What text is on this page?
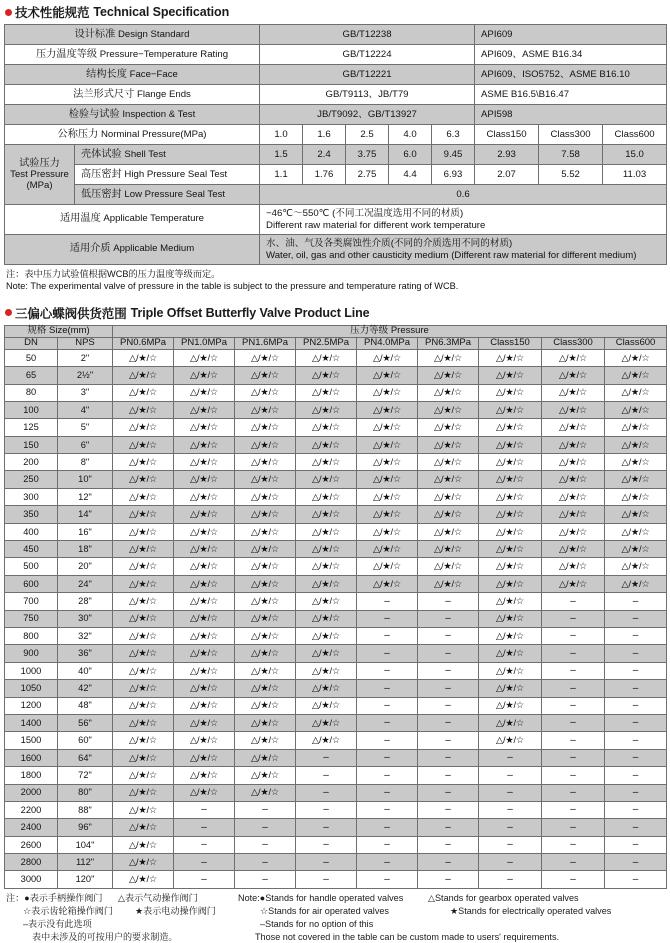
技术性能规范 Technical Specification
设计标准 Design Standard		GB/T12238					API609		
压力温度等级 Pressure−Temperature Rating		GB/T12224					API609、ASME B16.34		
结构长度 Face−Face		GB/T12221					API609、ISO5752、ASME B16.10		
法兰形式尺寸 Flange Ends		GB/T9113、JB/T79					ASME B16.5\B16.47		
检验与试验 Inspection & Test		JB/T9092、GB/T13927					API598		
公称压力 Norminal Pressure(MPa)		1.0	1.6	2.5	4.0	6.3	Class150	Class300	Class600

试验压力
Test Pressure
(MPa)	壳体试验 Shell Test	1.5	2.4	3.75	6.0	9.45	2.93	7.58	15.0
	高压密封 High Pressure Seal Test	1.1	1.76	2.75	4.4	6.93	2.07	5.52	11.03
	低压密封 Low Pressure Seal Test	0.6							
适用温度 Applicable Temperature		−46℃～550℃ (不同工况温度选用不同的材质)
Different raw material for different work temperature							

适用介质 Applicable Medium		水、油、气及各类腐蚀性介质(不同的介质选用不同的材质)
Water, oil, gas and other causticity medium (Different raw material for different medium)							
注：表中压力试验值根据WCB的压力温度等级而定。
Note: The experimental valve of pressure in the table is subject to the pressure and temperature rating of WCB.
三偏心蝶阀供货范围 Triple Offset Butterfly Valve Product Line
规格 Size(mm)		压力等级 Pressure								
DN	NPS	PN0.6MPa	PN1.0MPa	PN1.6MPa	PN2.5MPa	PN4.0MPa	PN6.3MPa	Class150	Class300	Class600
50	2"	△/★/☆	△/★/☆	△/★/☆	△/★/☆	△/★/☆	△/★/☆	△/★/☆	△/★/☆	△/★/☆
65	2½"	△/★/☆	△/★/☆	△/★/☆	△/★/☆	△/★/☆	△/★/☆	△/★/☆	△/★/☆	△/★/☆
80	3"	△/★/☆	△/★/☆	△/★/☆	△/★/☆	△/★/☆	△/★/☆	△/★/☆	△/★/☆	△/★/☆
100	4"	△/★/☆	△/★/☆	△/★/☆	△/★/☆	△/★/☆	△/★/☆	△/★/☆	△/★/☆	△/★/☆
125	5"	△/★/☆	△/★/☆	△/★/☆	△/★/☆	△/★/☆	△/★/☆	△/★/☆	△/★/☆	△/★/☆
150	6"	△/★/☆	△/★/☆	△/★/☆	△/★/☆	△/★/☆	△/★/☆	△/★/☆	△/★/☆	△/★/☆
200	8"	△/★/☆	△/★/☆	△/★/☆	△/★/☆	△/★/☆	△/★/☆	△/★/☆	△/★/☆	△/★/☆
250	10"	△/★/☆	△/★/☆	△/★/☆	△/★/☆	△/★/☆	△/★/☆	△/★/☆	△/★/☆	△/★/☆
300	12"	△/★/☆	△/★/☆	△/★/☆	△/★/☆	△/★/☆	△/★/☆	△/★/☆	△/★/☆	△/★/☆
350	14"	△/★/☆	△/★/☆	△/★/☆	△/★/☆	△/★/☆	△/★/☆	△/★/☆	△/★/☆	△/★/☆
400	16"	△/★/☆	△/★/☆	△/★/☆	△/★/☆	△/★/☆	△/★/☆	△/★/☆	△/★/☆	△/★/☆
450	18"	△/★/☆	△/★/☆	△/★/☆	△/★/☆	△/★/☆	△/★/☆	△/★/☆	△/★/☆	△/★/☆
500	20"	△/★/☆	△/★/☆	△/★/☆	△/★/☆	△/★/☆	△/★/☆	△/★/☆	△/★/☆	△/★/☆
600	24"	△/★/☆	△/★/☆	△/★/☆	△/★/☆	△/★/☆	△/★/☆	△/★/☆	△/★/☆	△/★/☆
700	28"	△/★/☆	△/★/☆	△/★/☆	△/★/☆	–	–	△/★/☆	–	–
750	30"	△/★/☆	△/★/☆	△/★/☆	△/★/☆	–	–	△/★/☆	–	–
800	32"	△/★/☆	△/★/☆	△/★/☆	△/★/☆	–	–	△/★/☆	–	–
900	36"	△/★/☆	△/★/☆	△/★/☆	△/★/☆	–	–	△/★/☆	–	–
1000	40"	△/★/☆	△/★/☆	△/★/☆	△/★/☆	–	–	△/★/☆	–	–
1050	42"	△/★/☆	△/★/☆	△/★/☆	△/★/☆	–	–	△/★/☆	–	–
1200	48"	△/★/☆	△/★/☆	△/★/☆	△/★/☆	–	–	△/★/☆	–	–
1400	56"	△/★/☆	△/★/☆	△/★/☆	△/★/☆	–	–	△/★/☆	–	–
1500	60"	△/★/☆	△/★/☆	△/★/☆	△/★/☆	–	–	△/★/☆	–	–
1600	64"	△/★/☆	△/★/☆	△/★/☆	–	–	–	–	–	–
1800	72"	△/★/☆	△/★/☆	△/★/☆	–	–	–	–	–	–
2000	80"	△/★/☆	△/★/☆	△/★/☆	–	–	–	–	–	–
2200	88"	△/★/☆	–	–	–	–	–	–	–	–
2400	96"	△/★/☆	–	–	–	–	–	–	–	–
2600	104"	△/★/☆	–	–	–	–	–	–	–	–
2800	112"	△/★/☆	–	–	–	–	–	–	–	–
3000	120"	△/★/☆	–	–	–	–	–	–	–	–
注：●表示手柄操作阀门	△表示气动操作阀门
☆表示齿轮箱操作阀门	★表示电动操作阀门
–表示没有此选项
表中未涉及的可按用户的要求制造。
Note:●Stands for handle operated valves	△Stands for gearbox operated valves
☆Stands for air operated valves	★Stands for electrically operated valves
–Stands for no option of this
Those not covered in the table can be custom made to users' requirements.
